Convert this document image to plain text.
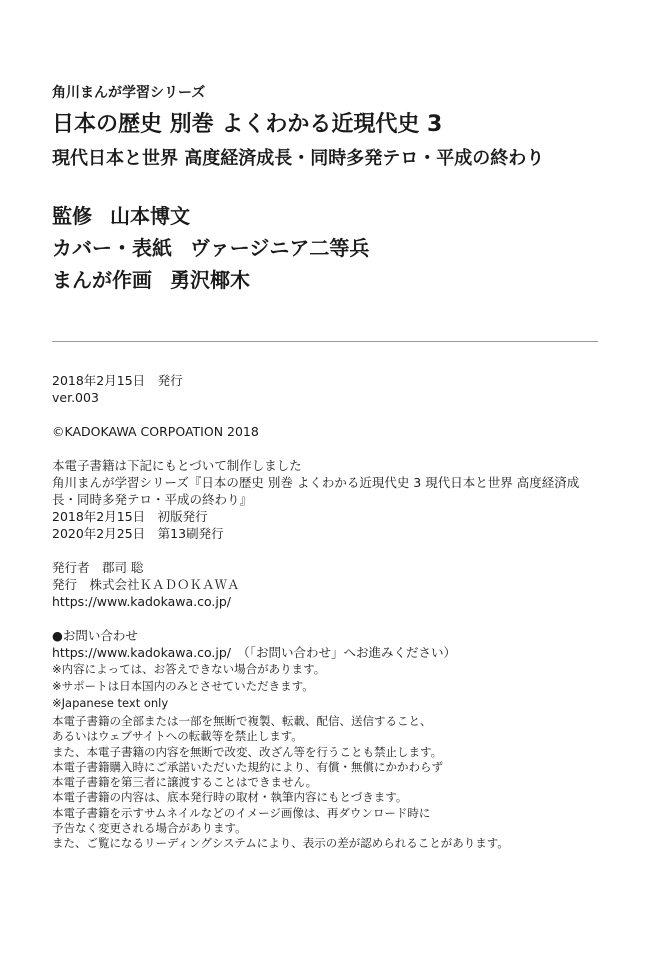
角川まんが学習シリーズ
日本の歴史 別巻 よくわかる近現代史 3
現代日本と世界 高度経済成長・同時多発テロ・平成の終わり
監修 山本博文
カバー・表紙 ヴァージニア二等兵
まんが作画 勇沢椰木

2018年2月15日　発行

ver.003

©KADOKAWA CORPOATION 2018

本電子書籍は下記にもとづいて制作しました

角川まんが学習シリーズ『日本の歴史 別巻 よくわかる近現代史 3 現代日本と世界 高度経済成

長・同時多発テロ・平成の終わり』

2018年2月15日　初版発行

2020年2月25日　第13刷発行

発行者　郡司 聡

発行　株式会社ＫＡＤＯＫＡＷＡ

https://www.kadokawa.co.jp/

●お問い合わせ

https://www.kadokawa.co.jp/　（「お問い合わせ」へお進みください）

※内容によっては、お答えできない場合があります。

※サポートは日本国内のみとさせていただきます。

※Japanese text only

本電子書籍の全部または一部を無断で複製、転載、配信、送信すること、

あるいはウェブサイトへの転載等を禁止します。

また、本電子書籍の内容を無断で改変、改ざん等を行うことも禁止します。

本電子書籍購入時にご承諾いただいた規約により、有償・無償にかかわらず

本電子書籍を第三者に譲渡することはできません。

本電子書籍の内容は、底本発行時の取材・執筆内容にもとづきます。

本電子書籍を示すサムネイルなどのイメージ画像は、再ダウンロード時に

予告なく変更される場合があります。

また、ご覧になるリーディングシステムにより、表示の差が認められることがあります。
